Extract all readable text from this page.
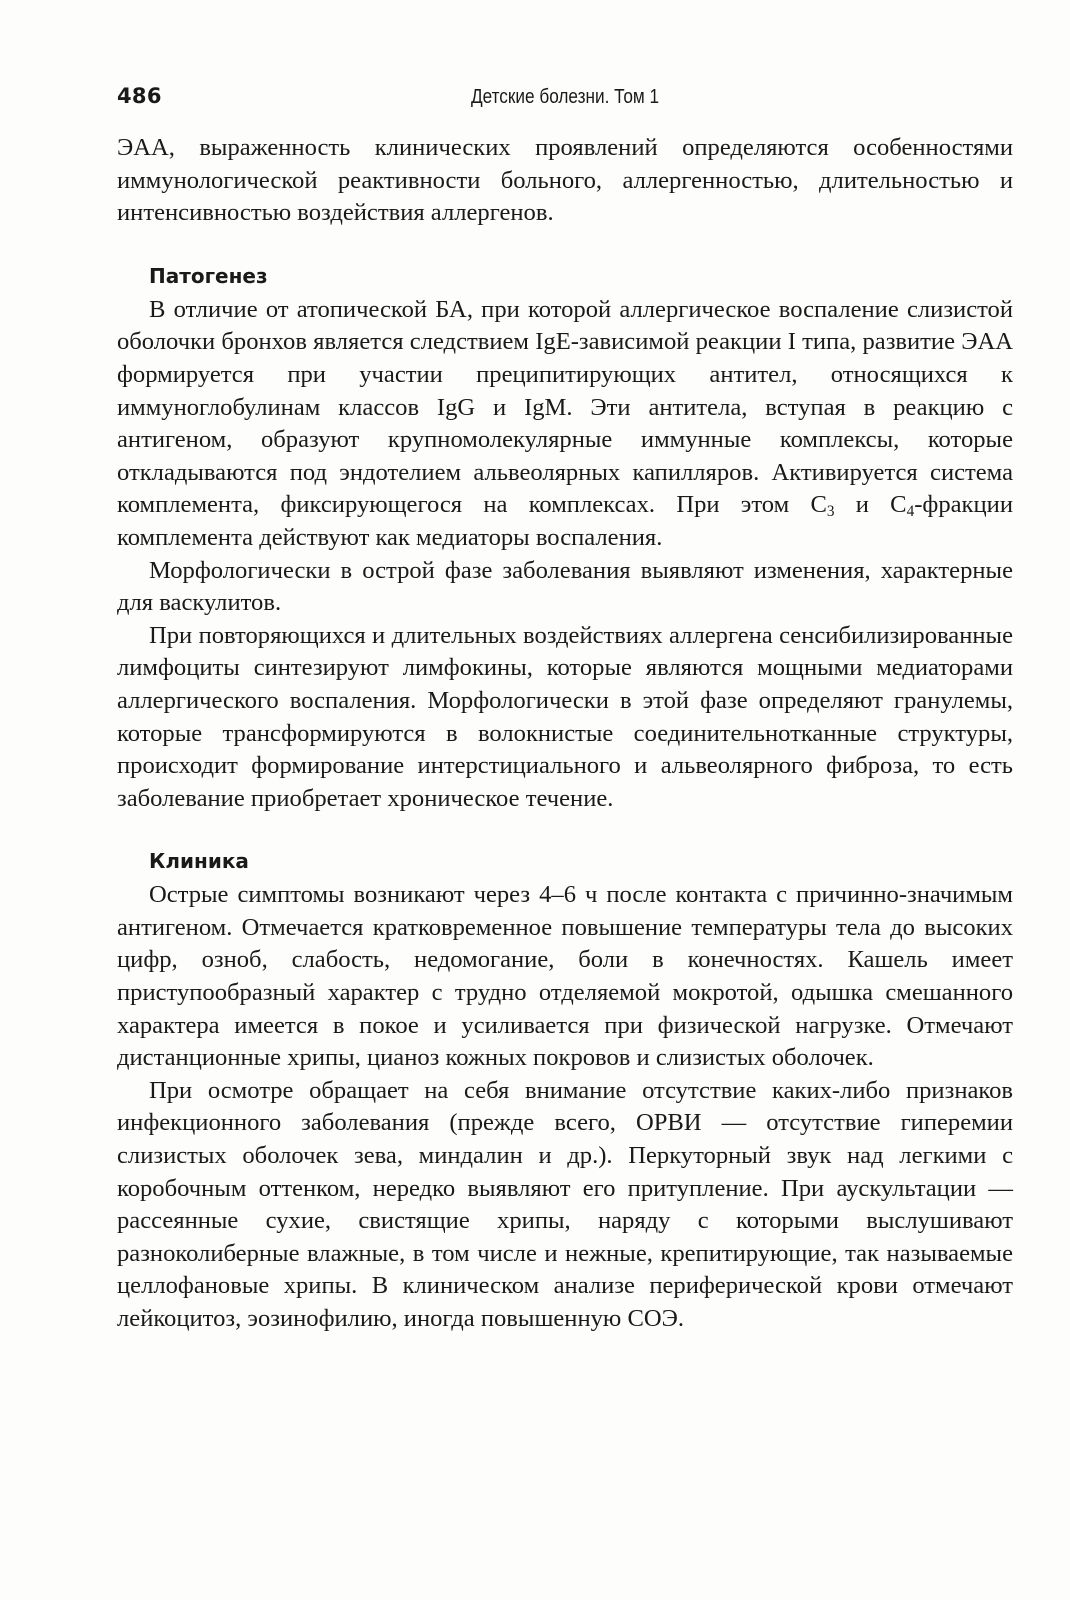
486	Детские болезни. Том 1

ЭАА, выраженность клинических проявлений определяются особенностями иммунологической реактивности больного, аллергенностью, длительностью и интенсивностью воздействия аллергенов.

Патогенез

В отличие от атопической БА, при которой аллергическое воспаление слизистой оболочки бронхов является следствием IgE-зависимой реакции I типа, развитие ЭАА формируется при участии преципитирующих антител, относящихся к иммуноглобулинам классов IgG и IgM. Эти антитела, вступая в реакцию с антигеном, образуют крупномолекулярные иммунные комплексы, которые откладываются под эндотелием альвеолярных капилляров. Активируется система комплемента, фиксирующегося на комплексах. При этом $C_3$ и $C_4$-фракции комплемента действуют как медиаторы воспаления.

Морфологически в острой фазе заболевания выявляют изменения, характерные для васкулитов.

При повторяющихся и длительных воздействиях аллергена сенсибилизированные лимфоциты синтезируют лимфокины, которые являются мощными медиаторами аллергического воспаления. Морфологически в этой фазе определяют гранулемы, которые трансформируются в волокнистые соединительнотканные структуры, происходит формирование интерстициального и альвеолярного фиброза, то есть заболевание приобретает хроническое течение.

Клиника

Острые симптомы возникают через 4–6 ч после контакта с причинно-значимым антигеном. Отмечается кратковременное повышение температуры тела до высоких цифр, озноб, слабость, недомогание, боли в конечностях. Кашель имеет приступообразный характер с трудно отделяемой мокротой, одышка смешанного характера имеется в покое и усиливается при физической нагрузке. Отмечают дистанционные хрипы, цианоз кожных покровов и слизистых оболочек.

При осмотре обращает на себя внимание отсутствие каких-либо признаков инфекционного заболевания (прежде всего, ОРВИ — отсутствие гиперемии слизистых оболочек зева, миндалин и др.). Перкуторный звук над легкими с коробочным оттенком, нередко выявляют его притупление. При аускультации — рассеянные сухие, свистящие хрипы, наряду с которыми выслушивают разноколиберные влажные, в том числе и нежные, крепитирующие, так называемые целлофановые хрипы. В клиническом анализе периферической крови отмечают лейкоцитоз, эозинофилию, иногда повышенную СОЭ.
